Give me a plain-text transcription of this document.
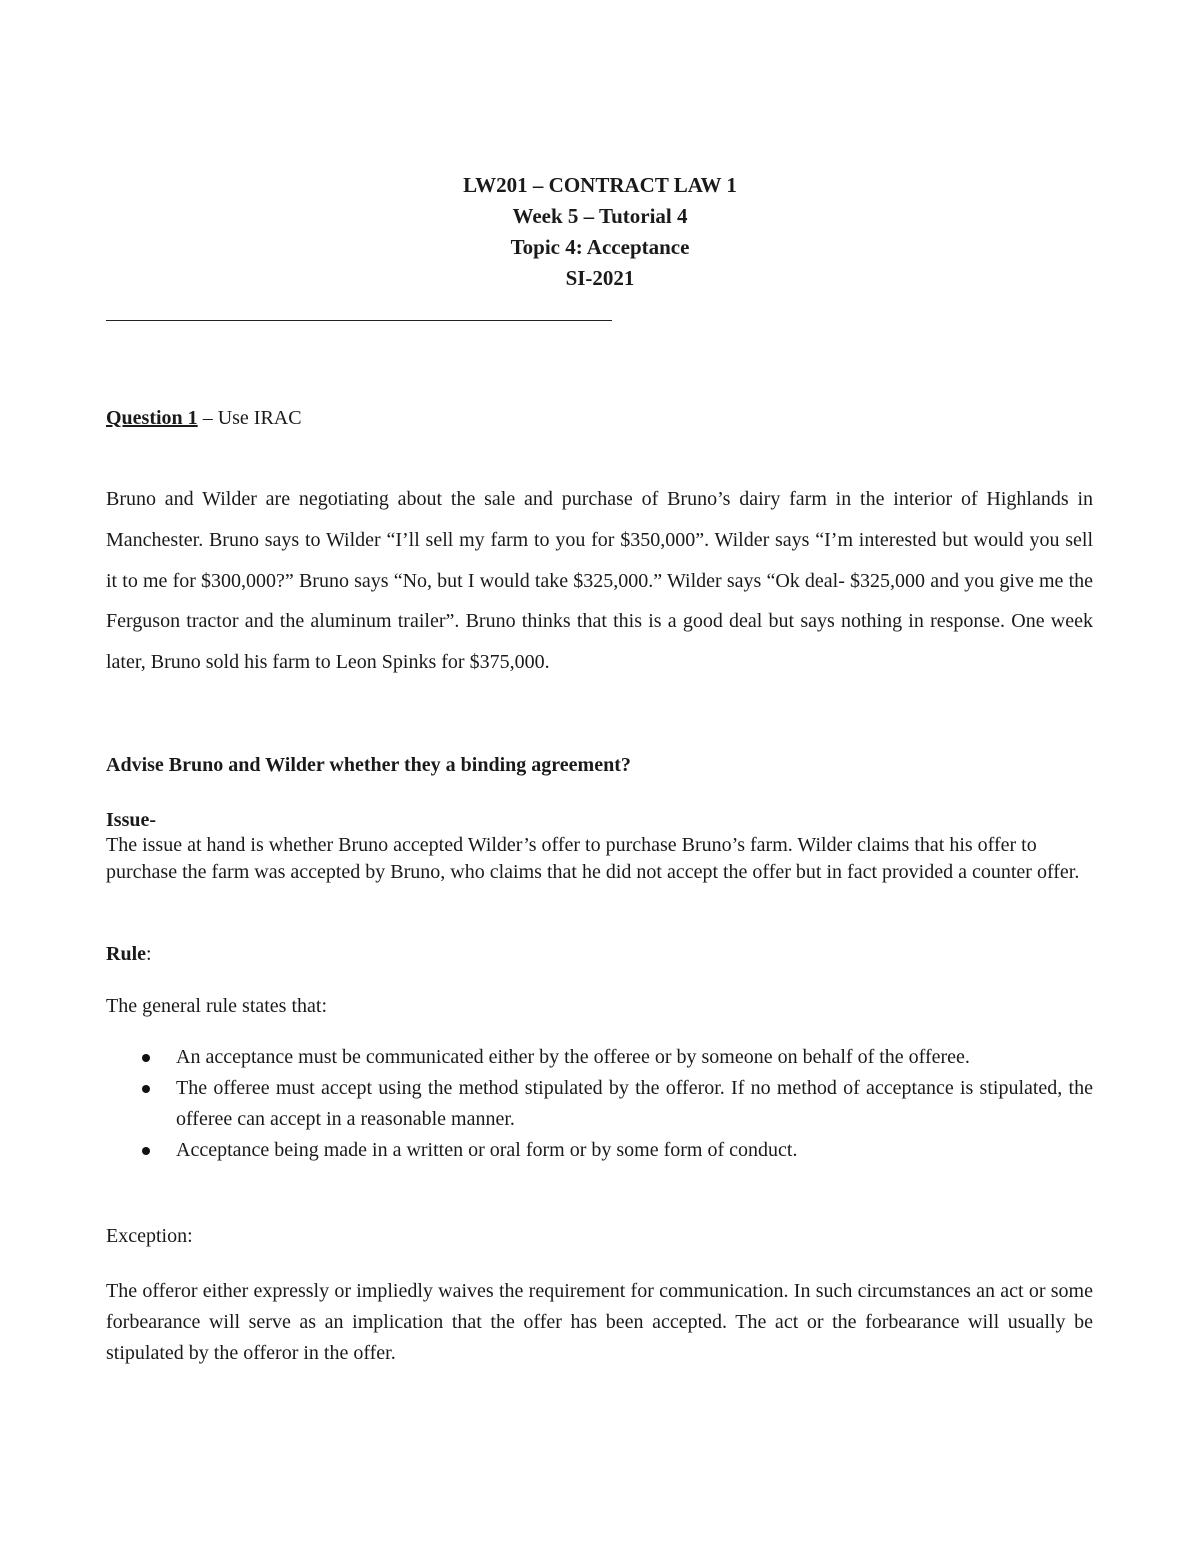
LW201 – CONTRACT LAW 1
Week 5 – Tutorial 4
Topic 4: Acceptance
SI-2021
Question 1 – Use IRAC

Bruno and Wilder are negotiating about the sale and purchase of Bruno’s dairy farm in the interior of Highlands in Manchester. Bruno says to Wilder “I’ll sell my farm to you for $350,000”. Wilder says “I’m interested but would you sell it to me for $300,000?” Bruno says “No, but I would take $325,000.” Wilder says “Ok deal- $325,000 and you give me the Ferguson tractor and the aluminum trailer”. Bruno thinks that this is a good deal but says nothing in response. One week later, Bruno sold his farm to Leon Spinks for $375,000.

Advise Bruno and Wilder whether they a binding agreement?
Issue-

The issue at hand is whether Bruno accepted Wilder’s offer to purchase Bruno’s farm. Wilder claims that his offer to purchase the farm was accepted by Bruno, who claims that he did not accept the offer but in fact provided a counter offer.

Rule:
The general rule states that:
An acceptance must be communicated either by the offeree or by someone on behalf of the offeree.
The offeree must accept using the method stipulated by the offeror. If no method of acceptance is stipulated, the offeree can accept in a reasonable manner.
Acceptance being made in a written or oral form or by some form of conduct.
Exception:

The offeror either expressly or impliedly waives the requirement for communication. In such circumstances an act or some forbearance will serve as an implication that the offer has been accepted. The act or the forbearance will usually be stipulated by the offeror in the offer.
